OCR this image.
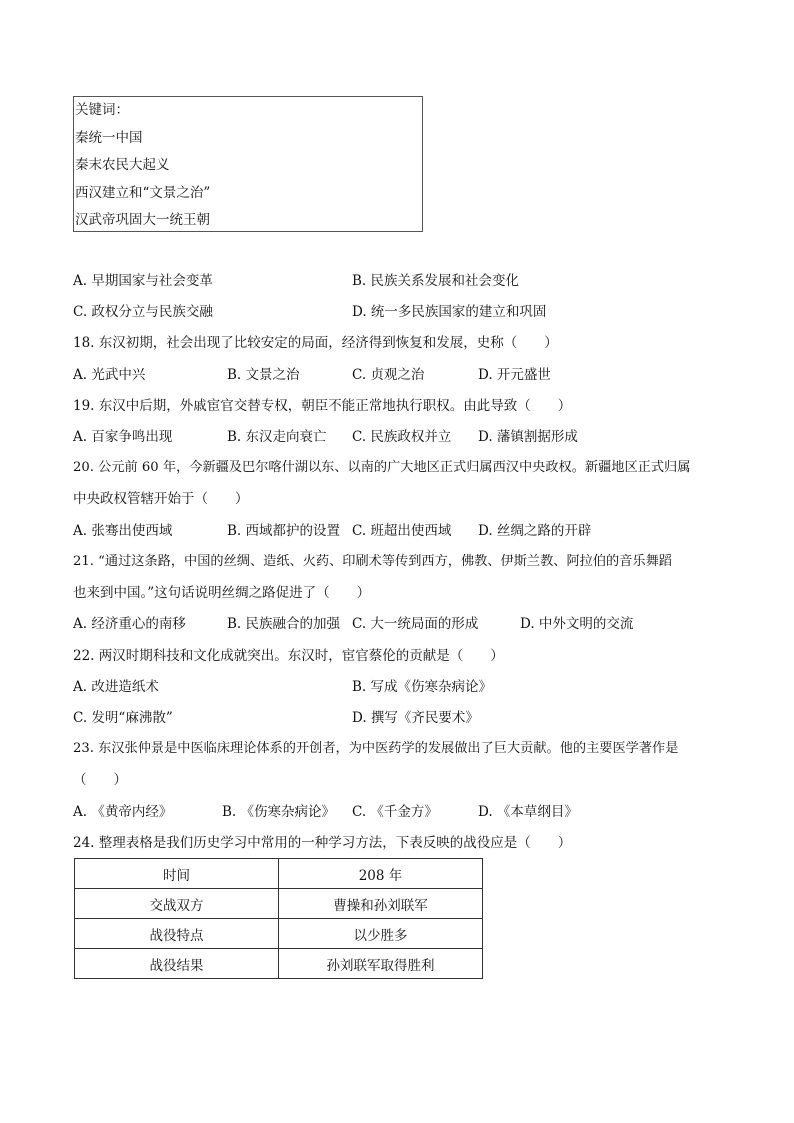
关键词：
秦统一中国
秦末农民大起义
西汉建立和“文景之治”
汉武帝巩固大一统王朝
A. 早期国家与社会变革	B. 民族关系发展和社会变化
C. 政权分立与民族交融	D. 统一多民族国家的建立和巩固
18. 东汉初期，社会出现了比较安定的局面，经济得到恢复和发展，史称（　　）
A. 光武中兴	B. 文景之治	C. 贞观之治	D. 开元盛世
19. 东汉中后期，外戚宦官交替专权，朝臣不能正常地执行职权。由此导致（　　）
A. 百家争鸣出现	B. 东汉走向衰亡 C. 民族政权并立 D. 藩镇割据形成
20. 公元前 60 年，今新疆及巴尔喀什湖以东、以南的广大地区正式归属西汉中央政权。新疆地区正式归属
中央政权管辖开始于（　　）
A. 张骞出使西域	B. 西域都护的设置 C. 班超出使西域 D. 丝绸之路的开辟
21. “通过这条路，中国的丝绸、造纸、火药、印刷术等传到西方，佛教、伊斯兰教、阿拉伯的音乐舞蹈
也来到中国。”这句话说明丝绸之路促进了（　　）
A. 经济重心的南移	B. 民族融合的加强 C. 大一统局面的形成	D. 中外文明的交流
22. 两汉时期科技和文化成就突出。东汉时，宦官蔡伦的贡献是（　　）
A. 改进造纸术	B. 写成《伤寒杂病论》
C. 发明“麻沸散”	D. 撰写《齐民要术》
23. 东汉张仲景是中医临床理论体系的开创者，为中医药学的发展做出了巨大贡献。他的主要医学著作是
（　　）
A. 《黄帝内经》	B. 《伤寒杂病论》 C. 《千金方》	D. 《本草纲目》
24. 整理表格是我们历史学习中常用的一种学习方法，下表反映的战役应是（　　）
时间	208 年
交战双方	曹操和孙刘联军
战役特点	以少胜多
战役结果	孙刘联军取得胜利
